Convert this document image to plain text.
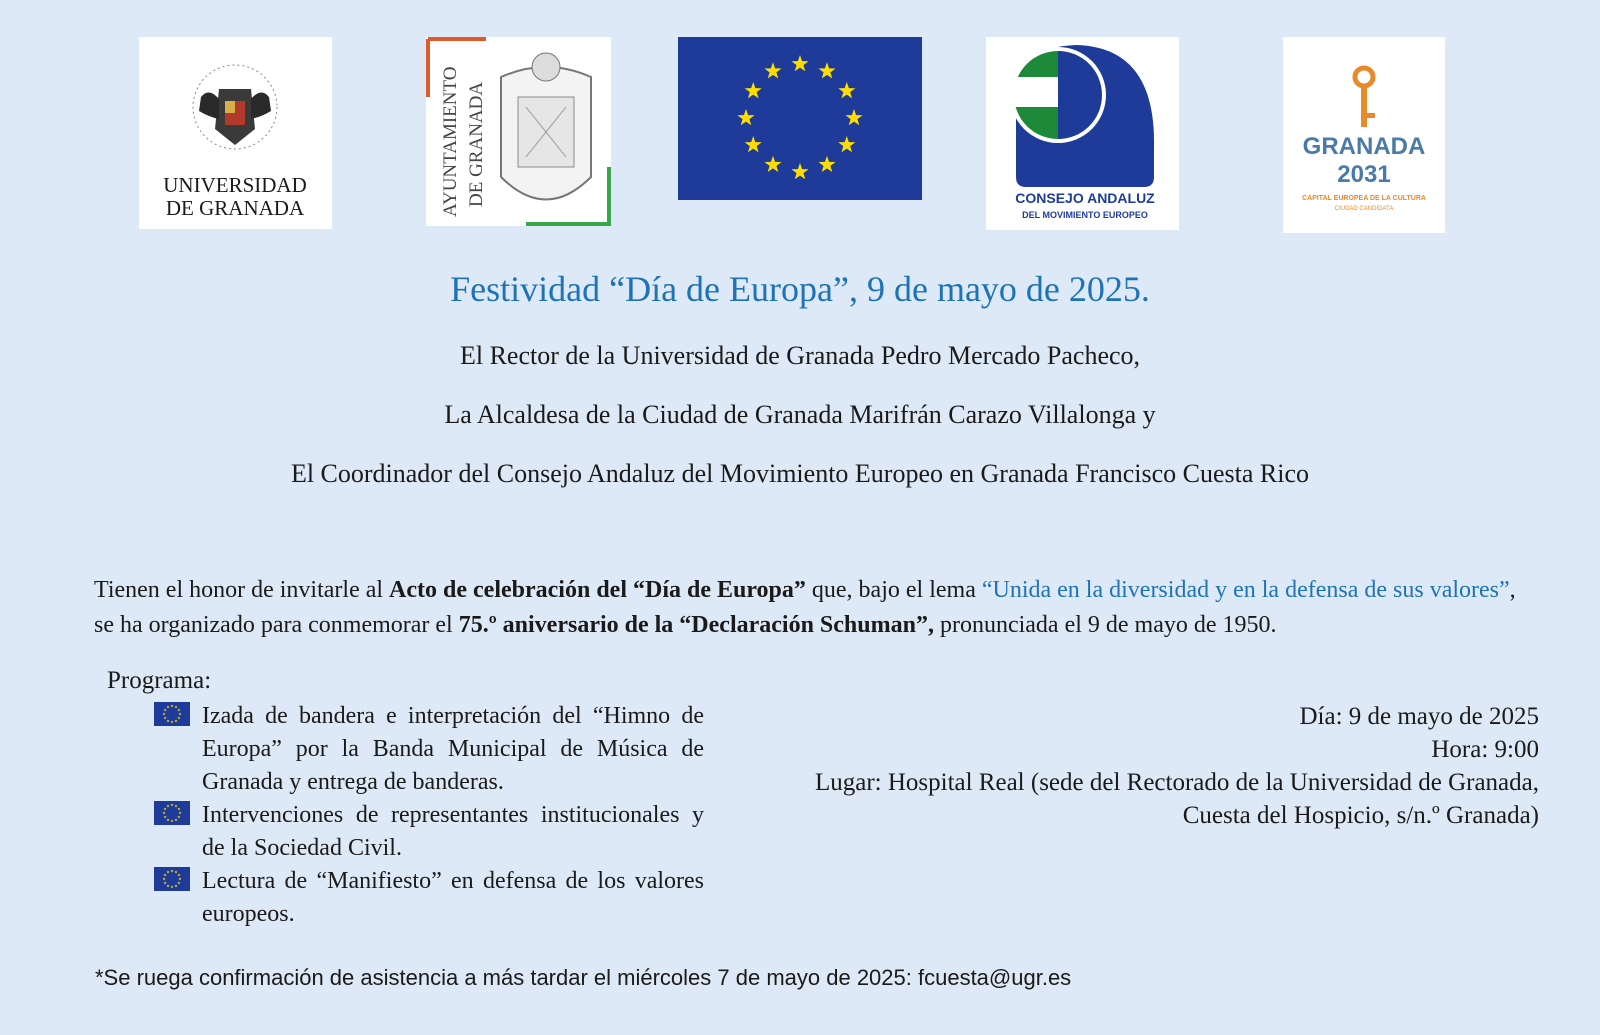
UNIVERSIDAD
DE GRANADA	AYUNTAMIENTO DE GRANADA	CONSEJO ANDALUZ
DEL MOVIMIENTO EUROPEO
GRANADA
2031
CAPITAL EUROPEA DE LA CULTURA
CIUDAD CANDIDATA
Festividad “Día de Europa”, 9 de mayo de 2025.
El Rector de la Universidad de Granada Pedro Mercado Pacheco,
La Alcaldesa de la Ciudad de Granada Marifrán Carazo Villalonga y
El Coordinador del Consejo Andaluz del Movimiento Europeo en Granada Francisco Cuesta Rico
Tienen el honor de invitarle al Acto de celebración del “Día de Europa” que, bajo el lema “Unida en la diversidad y en la defensa de sus valores”, se ha organizado para conmemorar el 75.º aniversario de la “Declaración Schuman”, pronunciada el 9 de mayo de 1950.
Programa:
Izada de bandera e interpretación del “Himno de Europa” por la Banda Municipal de Música de Granada y entrega de banderas.
Intervenciones de representantes institucionales y de la Sociedad Civil.
Lectura de “Manifiesto” en defensa de los valores europeos.
Día: 9 de mayo de 2025
Hora: 9:00
Lugar: Hospital Real (sede del Rectorado de la Universidad de Granada,
Cuesta del Hospicio, s/n.º Granada)
*Se ruega confirmación de asistencia a más tardar el miércoles 7 de mayo de 2025: fcuesta@ugr.es
